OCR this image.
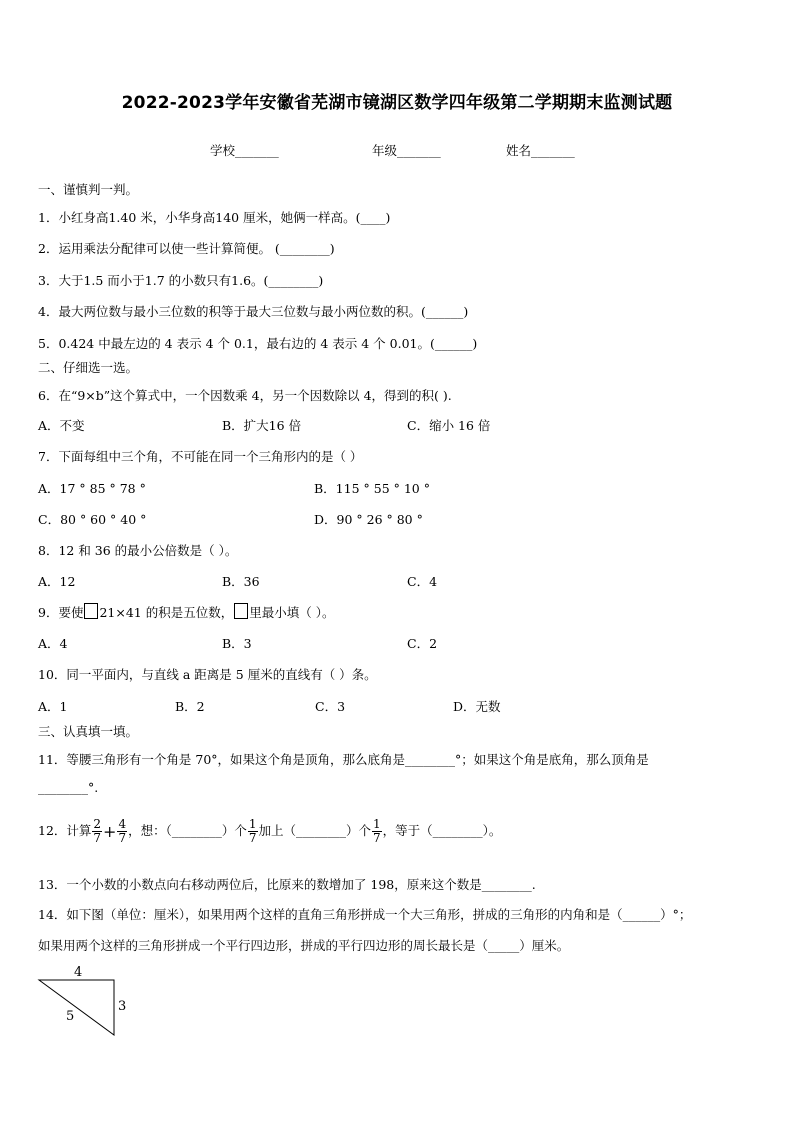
2022-2023学年安徽省芜湖市镜湖区数学四年级第二学期期末监测试题
学校_______	年级_______	姓名_______
一、谨慎判一判。
1．小红身高1.40 米，小华身高140 厘米，她俩一样高。(____)
2．运用乘法分配律可以使一些计算简便。 (________)
3．大于1.5 而小于1.7 的小数只有1.6。(________)
4．最大两位数与最小三位数的积等于最大三位数与最小两位数的积。(______)
5．0.424 中最左边的 4 表示 4 个 0.1，最右边的 4 表示 4 个 0.01。(______)
二、仔细选一选。
6．在“9×b”这个算式中，一个因数乘 4，另一个因数除以 4，得到的积( ).
A．不变	B．扩大16 倍	C．缩小 16 倍
7．下面每组中三个角，不可能在同一个三角形内的是（ ）
A．17 ° 85 ° 78 °	B．115 ° 55 ° 10 °
C．80 ° 60 ° 40 °	D．90 ° 26 ° 80 °
8．12 和 36 的最小公倍数是（ ）。
A．12	B．36	C．4
9．要使 21×41 的积是五位数， 里最小填（ ）。
A．4	B．3	C．2
10．同一平面内，与直线 a 距离是 5 厘米的直线有（ ）条。
A．1	B．2	C．3	D．无数
三、认真填一填。
11．等腰三角形有一个角是 70°，如果这个角是顶角，那么底角是________°；如果这个角是底角，那么顶角是
________°.
12．计算 $\frac{2}{7} + \frac{4}{7}$ ，想：（________）个 $\frac{1}{7}$ 加上（________）个 $\frac{1}{7}$ ，等于（________）。
13．一个小数的小数点向右移动两位后，比原来的数增加了 198，原来这个数是________.
14．如下图（单位：厘米），如果用两个这样的直角三角形拼成一个大三角形，拼成的三角形的内角和是（______）°；
如果用两个这样的三角形拼成一个平行四边形，拼成的平行四边形的周长最长是（_____）厘米。
4
5
3
